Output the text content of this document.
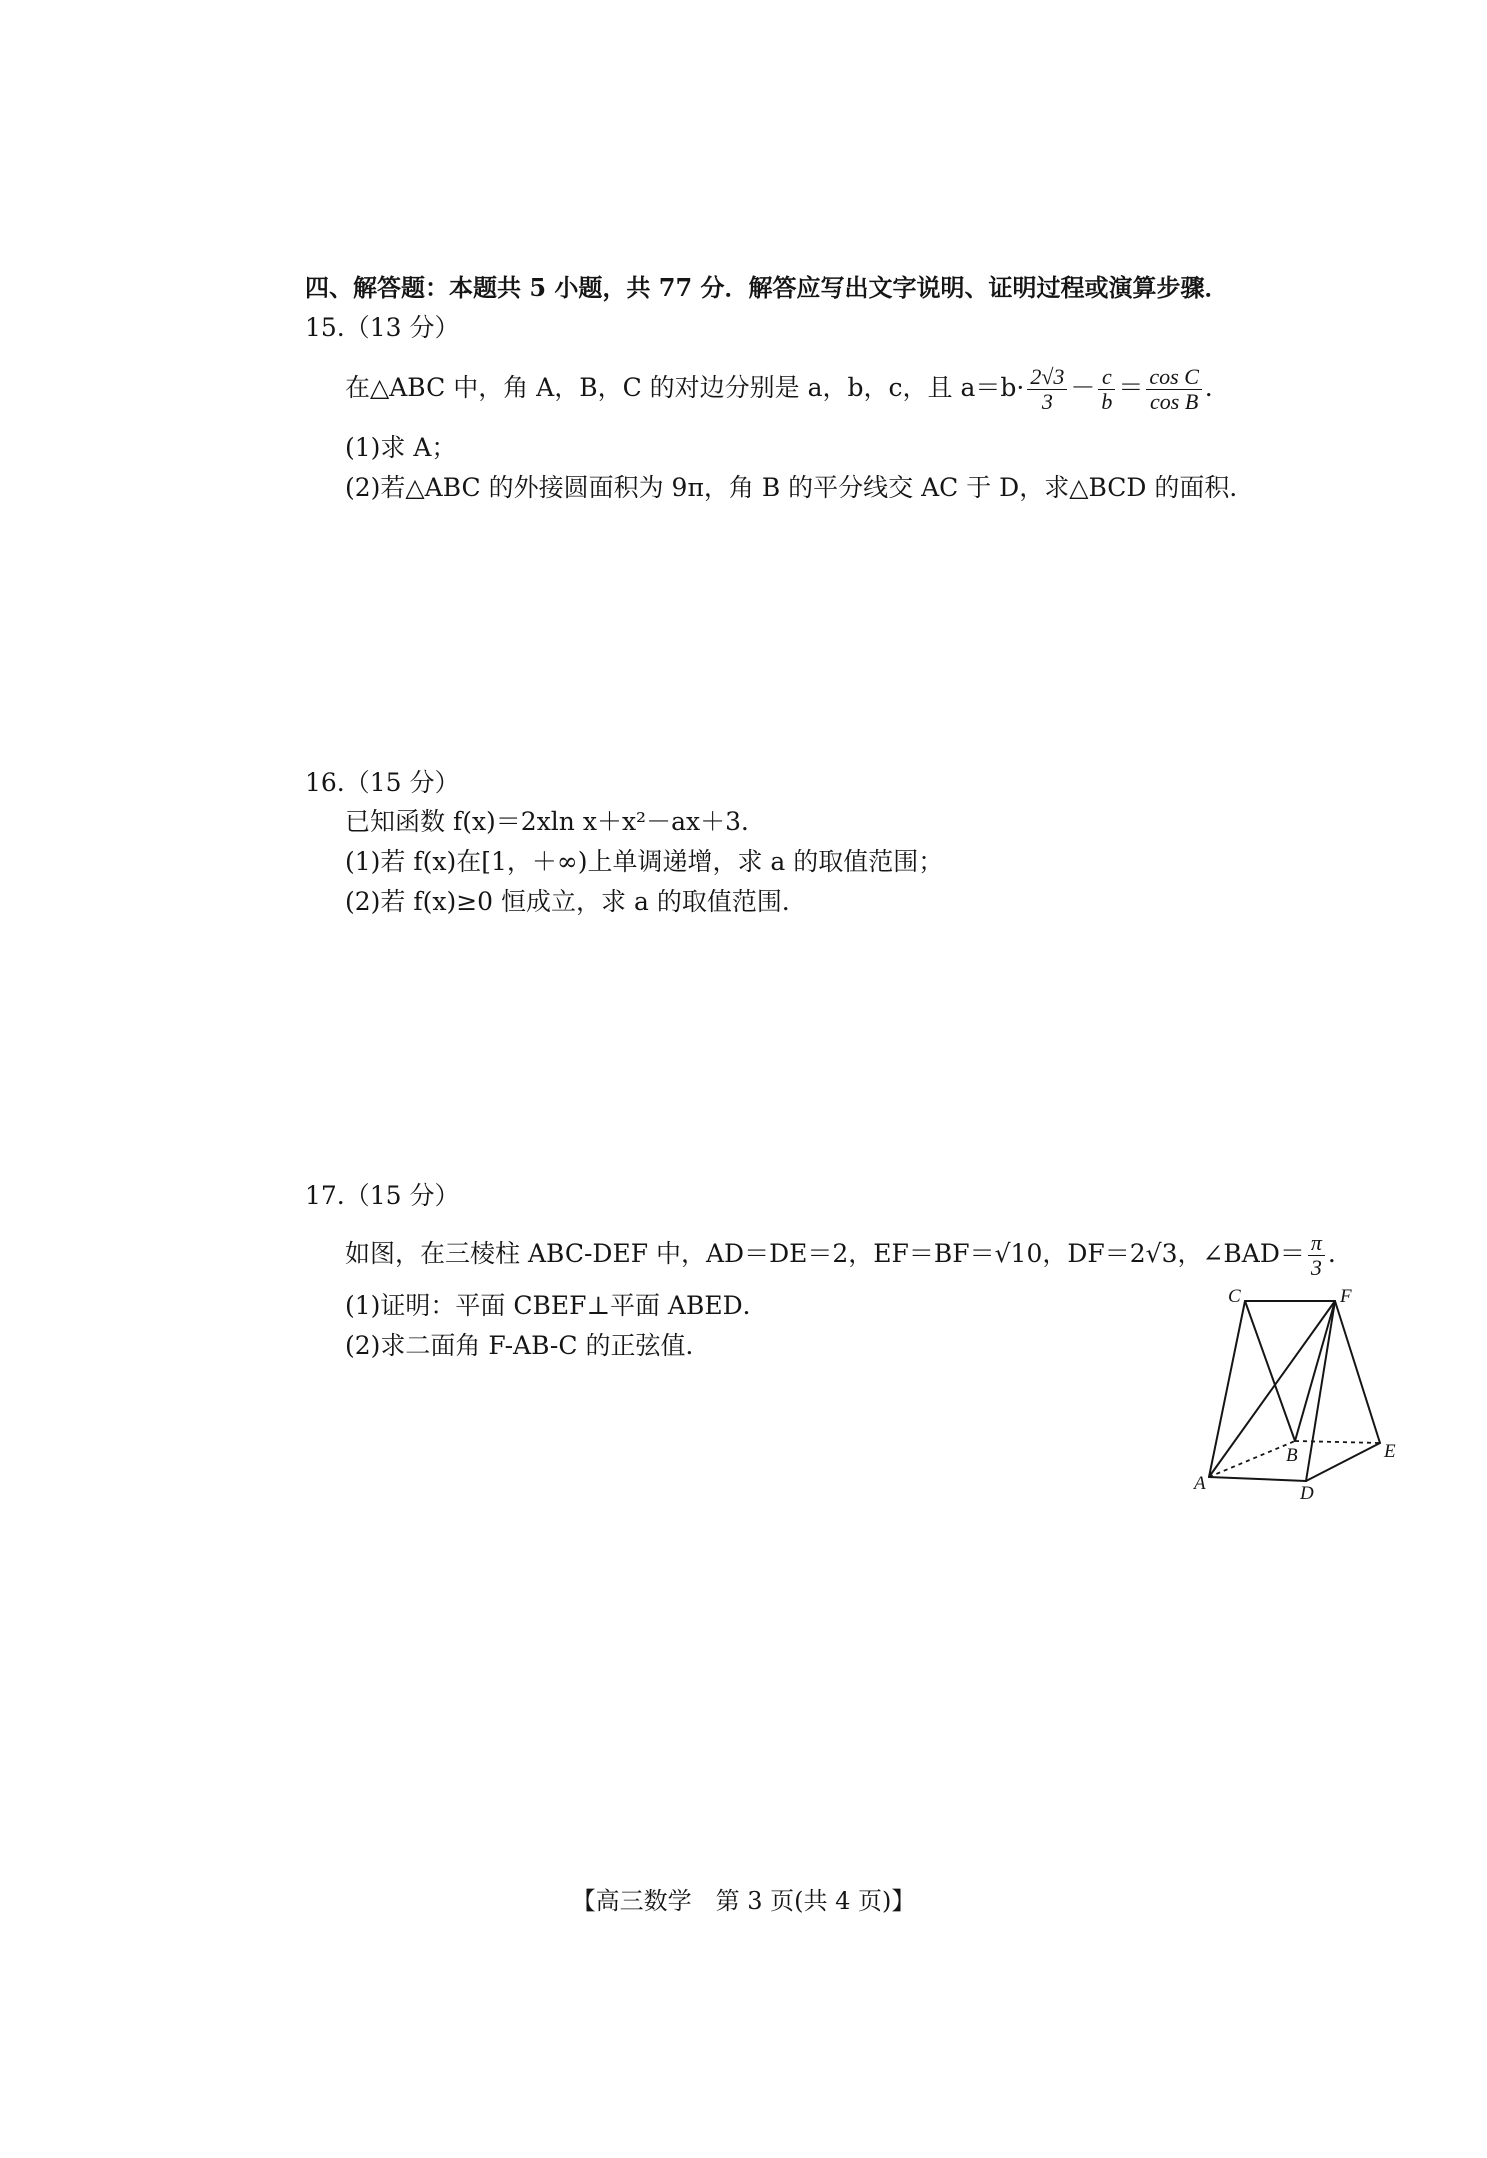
四、解答题：本题共 5 小题，共 77 分．解答应写出文字说明、证明过程或演算步骤．
15.（13 分）
在△ABC 中，角 A，B，C 的对边分别是 a，b，c，且 $a=b\cdot \frac{2√3}{3} - \frac{c}{b} = \frac{\text{cos C}}{\text{cos B}}$ ．
(1)求 A；
(2)若△ABC 的外接圆面积为 9π，角 B 的平分线交 AC 于 D，求△BCD 的面积．
16.（15 分）
已知函数 f(x)＝2xln x＋x²－ax＋3．
(1)若 f(x)在[1，＋∞)上单调递增，求 a 的取值范围；
(2)若 f(x)≥0 恒成立，求 a 的取值范围．
17.（15 分）
如图，在三棱柱 ABC-DEF 中，AD＝DE＝2，EF＝BF＝√10，DF＝2√3，∠BAD＝ $\frac{\pi}{3}$ ．
(1)证明：平面 CBEF⊥平面 ABED．
(2)求二面角 F-AB-C 的正弦值．
C	F
B	E
A	D
【高三数学　第 3 页(共 4 页)】
